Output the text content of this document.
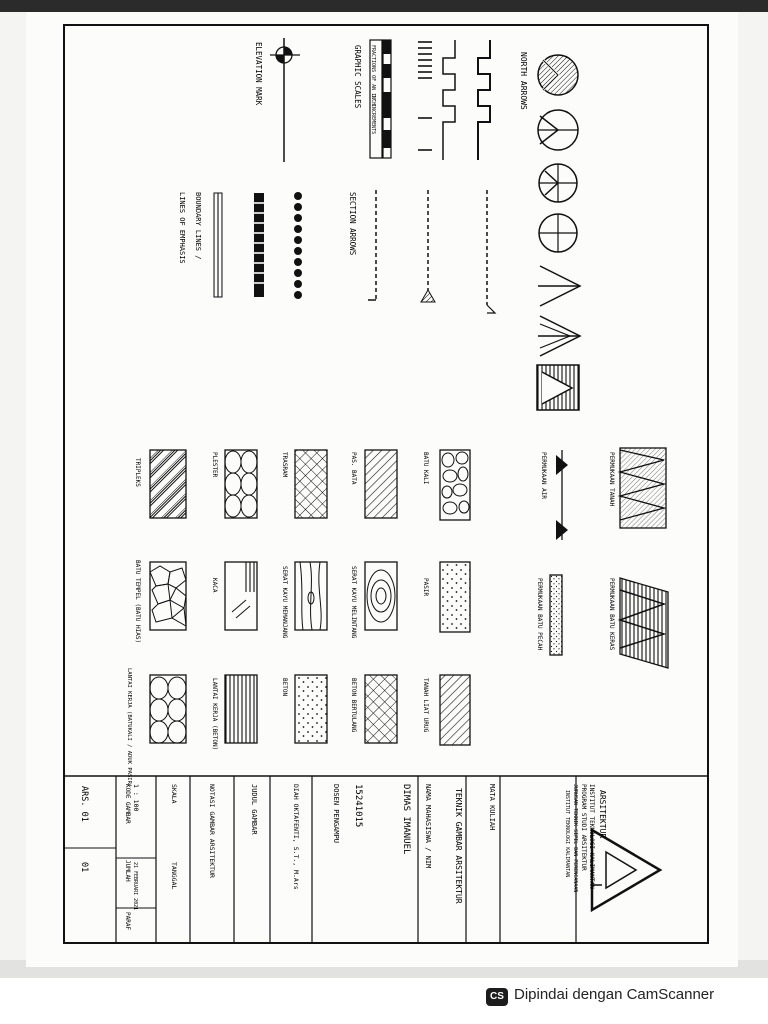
NORTH ARROWS
FRACTIONS OF AN INCH
1" INCREMENTS
GRAPHIC SCALES
ELEVATION MARK
SECTION ARROWS
BOUNDARY LINES /
LINES OF EMPHASIS
PERMUKAAN TANAH
PERMUKAAN BATU KERAS
PERMUKAAN AIR
PERMUKAAN BATU PECAH
BATU KALI
PASIR
TANAH LIAT URUG
PAS. BATA
SERAT KAYU MELINTANG
BETON BERTULANG
TRASRAM
SERAT KAYU MEMANJANG
BETON
PLESTER
KACA
LANTAI KERJA (BETON)
TRIPLEKS
BATU TEMPEL (BATU HIAS)
LANTAI KERJA (BATUKALI / ADUK PASIR)
ARSITEKTUR
INSTITUT TEKNOLOGI KALIMANTAN
PROGRAM STUDI ARSITEKTUR
JURUSAN TEKNIK SIPIL DAN PERENCANAAN
INSTITUT TEKNOLOGI KALIMANTAN
MATA KULIAH
TEKNIK GAMBAR ARSITEKTUR
NAMA MAHASISWA / NIM
DIMAS IMANUEL
15241015
DOSEN PENGAMPU
DIAH OKTAFENTI, S.T., M.Ars
JUDUL GAMBAR
NOTASI GAMBAR ARSITEKTUR
SKALA
TANGGAL
1 : 100
21 FEBRUARI 2021
KODE GAMBAR
JUMLAH
PARAF
ARS. 01
01
CS Dipindai dengan CamScanner
